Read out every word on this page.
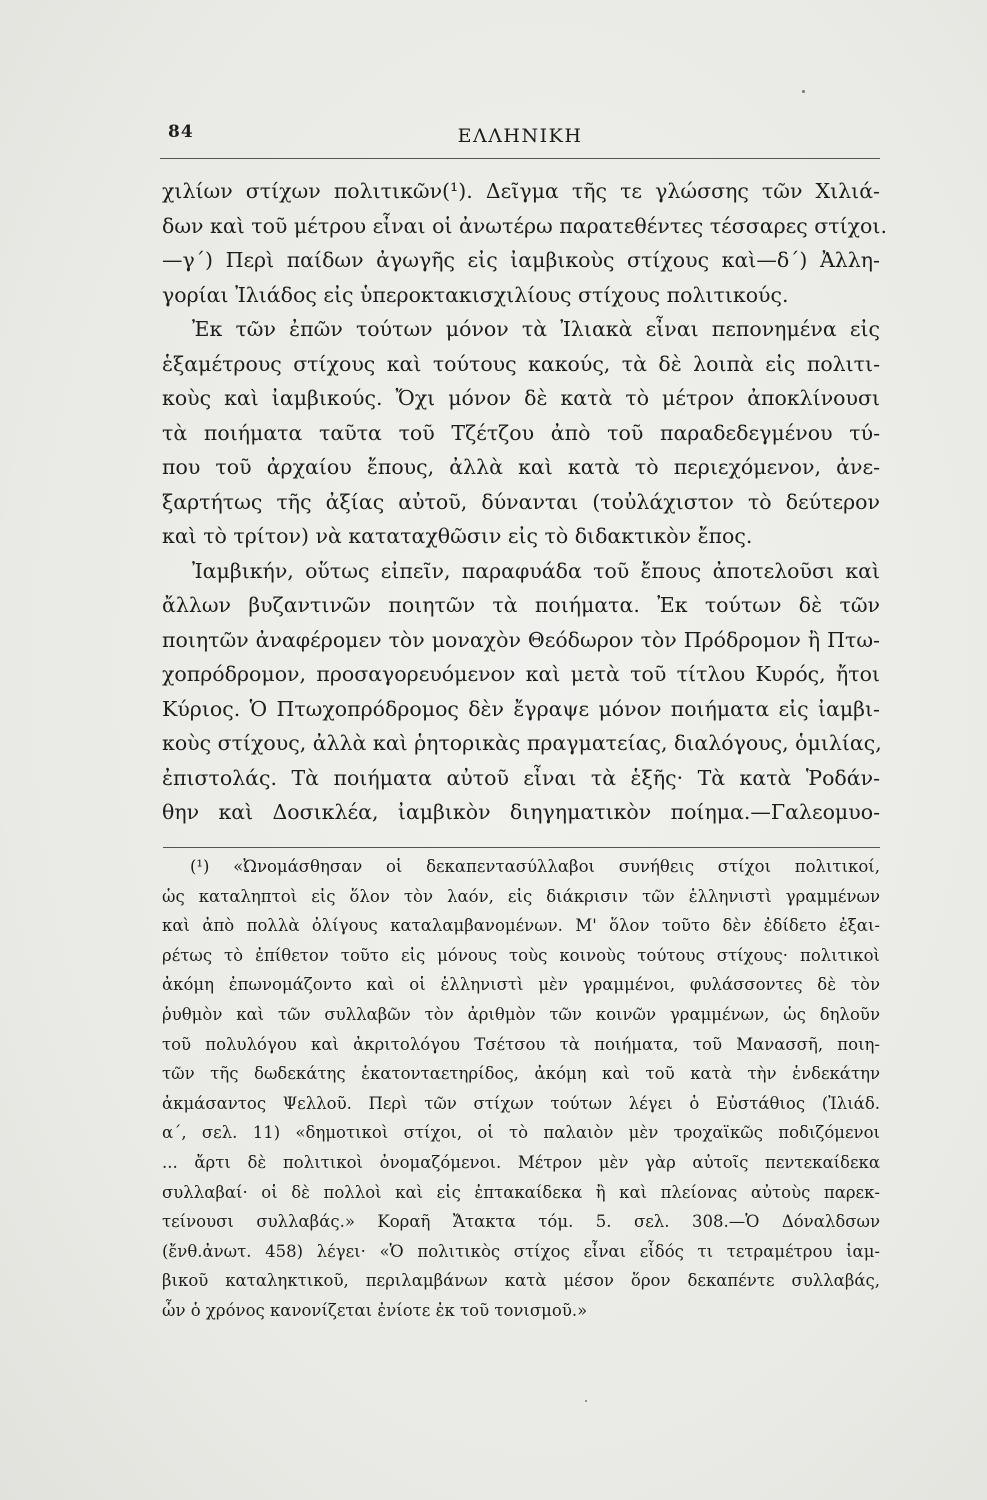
84	ΕΛΛΗΝΙΚΗ
χιλίων στίχων πολιτικῶν(¹). Δεῖγμα τῆς τε γλώσσης τῶν Χιλιά-
δων καὶ τοῦ μέτρου εἶναι οἱ ἀνωτέρω παρατεθέντες τέσσαρες στίχοι.
—γ΄) Περὶ παίδων ἀγωγῆς εἰς ἰαμβικοὺς στίχους καὶ—δ΄) Ἀλλη-
γορίαι Ἰλιάδος εἰς ὑπεροκτακισχιλίους στίχους πολιτικούς.
Ἐκ τῶν ἐπῶν τούτων μόνον τὰ Ἰλιακὰ εἶναι πεπονημένα εἰς
ἑξαμέτρους στίχους καὶ τούτους κακούς, τὰ δὲ λοιπὰ εἰς πολιτι-
κοὺς καὶ ἰαμβικούς. Ὄχι μόνον δὲ κατὰ τὸ μέτρον ἀποκλίνουσι
τὰ ποιήματα ταῦτα τοῦ Τζέτζου ἀπὸ τοῦ παραδεδεγμένου τύ-
που τοῦ ἀρχαίου ἔπους, ἀλλὰ καὶ κατὰ τὸ περιεχόμενον, ἀνε-
ξαρτήτως τῆς ἀξίας αὐτοῦ, δύνανται (τοὐλάχιστον τὸ δεύτερον
καὶ τὸ τρίτον) νὰ καταταχθῶσιν εἰς τὸ διδακτικὸν ἔπος.
Ἰαμβικήν, οὕτως εἰπεῖν, παραφυάδα τοῦ ἔπους ἀποτελοῦσι καὶ
ἄλλων βυζαντινῶν ποιητῶν τὰ ποιήματα. Ἐκ τούτων δὲ τῶν
ποιητῶν ἀναφέρομεν τὸν μοναχὸν Θεόδωρον τὸν Πρόδρομον ἢ Πτω-
χοπρόδρομον, προσαγορευόμενον καὶ μετὰ τοῦ τίτλου Κυρός, ἤτοι
Κύριος. Ὁ Πτωχοπρόδρομος δὲν ἔγραψε μόνον ποιήματα εἰς ἰαμβι-
κοὺς στίχους, ἀλλὰ καὶ ῥητορικὰς πραγματείας, διαλόγους, ὁμιλίας,
ἐπιστολάς. Τὰ ποιήματα αὐτοῦ εἶναι τὰ ἑξῆς· Τὰ κατὰ Ῥοδάν-
θην καὶ Δοσικλέα, ἰαμβικὸν διηγηματικὸν ποίημα.—Γαλεομυο-
(¹) «Ὠνομάσθησαν οἱ δεκαπεντασύλλαβοι συνήθεις στίχοι πολιτικοί,
ὡς καταληπτοὶ εἰς ὅλον τὸν λαόν, εἰς διάκρισιν τῶν ἑλληνιστὶ γραμμένων
καὶ ἀπὸ πολλὰ ὀλίγους καταλαμβανομένων. Μ' ὅλον τοῦτο δὲν ἐδίδετο ἐξαι-
ρέτως τὸ ἐπίθετον τοῦτο εἰς μόνους τοὺς κοινοὺς τούτους στίχους· πολιτικοὶ
ἀκόμη ἐπωνομάζοντο καὶ οἱ ἑλληνιστὶ μὲν γραμμένοι, φυλάσσοντες δὲ τὸν
ῥυθμὸν καὶ τῶν συλλαβῶν τὸν ἀριθμὸν τῶν κοινῶν γραμμένων, ὡς δηλοῦν
τοῦ πολυλόγου καὶ ἀκριτολόγου Τσέτσου τὰ ποιήματα, τοῦ Μανασσῆ, ποιη-
τῶν τῆς δωδεκάτης ἑκατονταετηρίδος, ἀκόμη καὶ τοῦ κατὰ τὴν ἑνδεκάτην
ἀκμάσαντος Ψελλοῦ. Περὶ τῶν στίχων τούτων λέγει ὁ Εὐστάθιος (Ἰλιάδ.
α΄, σελ. 11) «δημοτικοὶ στίχοι, οἱ τὸ παλαιὸν μὲν τροχαϊκῶς ποδιζόμενοι
... ἄρτι δὲ πολιτικοὶ ὀνομαζόμενοι. Μέτρον μὲν γὰρ αὐτοῖς πεντεκαίδεκα
συλλαβαί· οἱ δὲ πολλοὶ καὶ εἰς ἑπτακαίδεκα ἢ καὶ πλείονας αὐτοὺς παρεκ-
τείνουσι συλλαβάς.» Κοραῆ Ἄτακτα τόμ. 5. σελ. 308.—Ὁ Δόναλδσων
(ἔνθ.ἀνωτ. 458) λέγει· «Ὁ πολιτικὸς στίχος εἶναι εἶδός τι τετραμέτρου ἰαμ-
βικοῦ καταληκτικοῦ, περιλαμβάνων κατὰ μέσον ὅρον δεκαπέντε συλλαβάς,
ὧν ὁ χρόνος κανονίζεται ἐνίοτε ἐκ τοῦ τονισμοῦ.»
